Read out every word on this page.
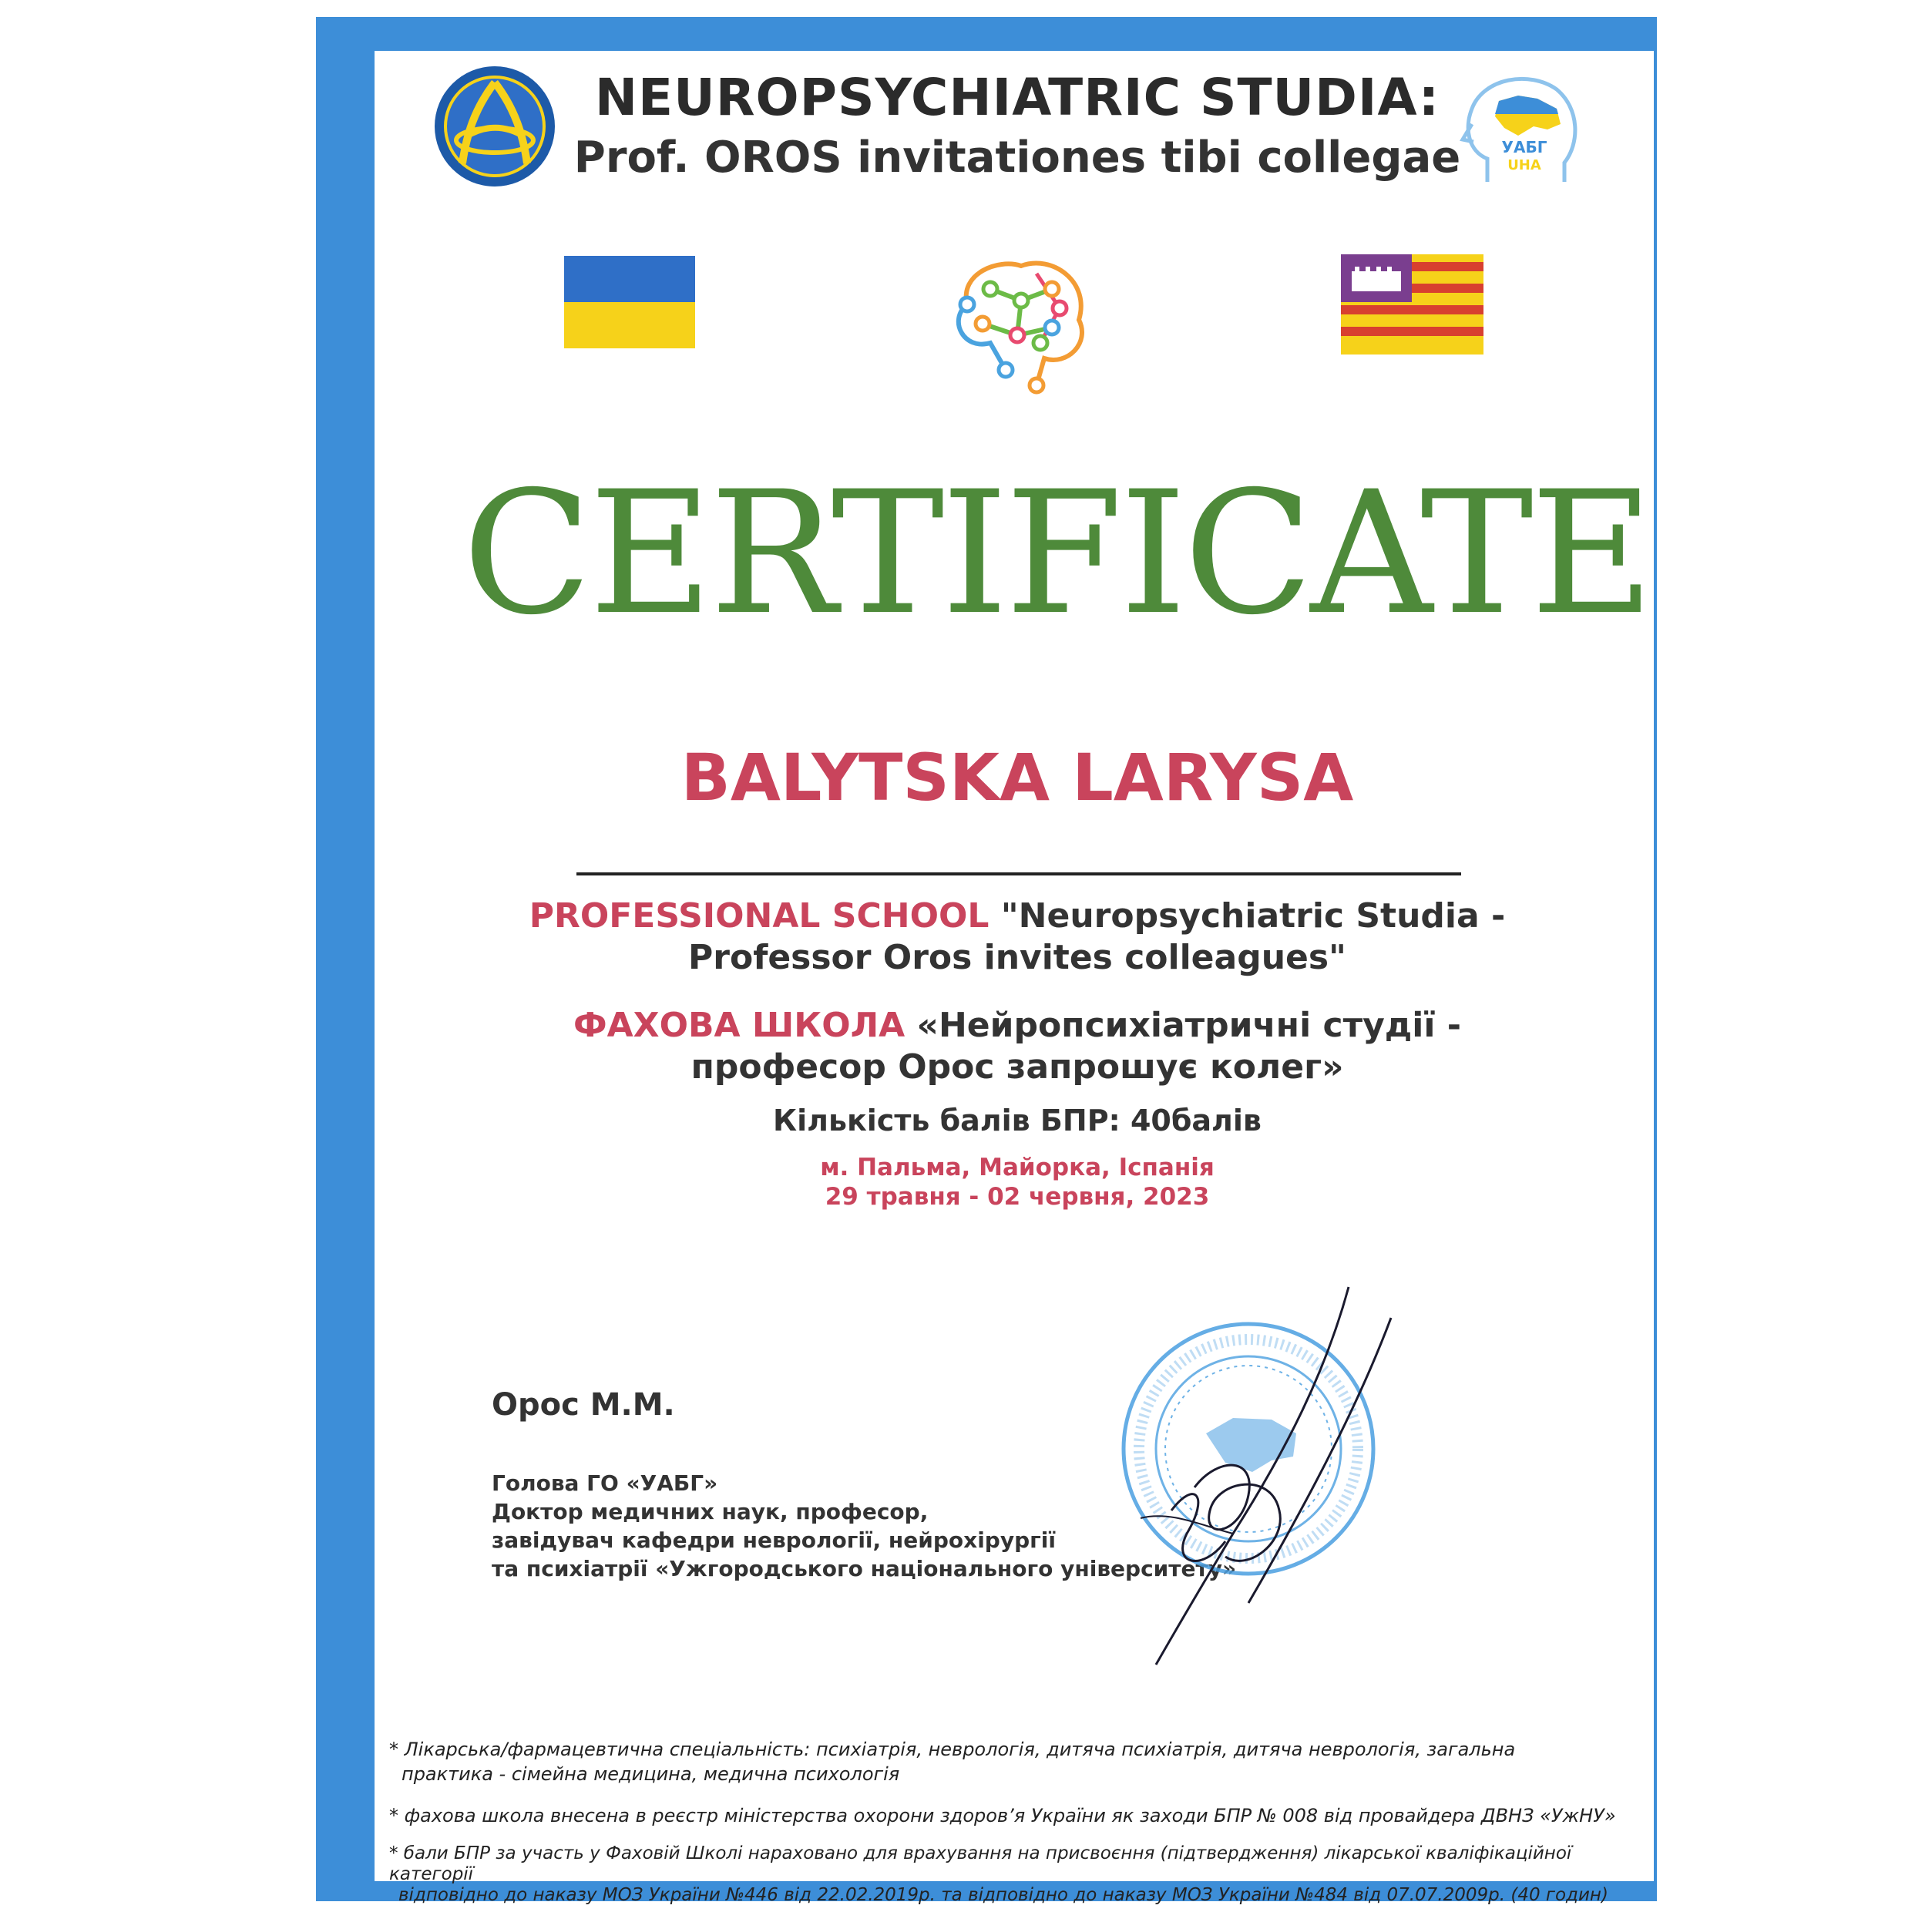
УАБГ
UHA
NEUROPSYCHIATRIC STUDIA:
Prof. OROS invitationes tibi collegae
CERTIFICATE
BALYTSKA LARYSA
PROFESSIONAL SCHOOL "Neuropsychiatric Studia -
Professor Oros invites colleagues"
ФАХОВА ШКОЛА «Нейропсихіатричні студії -
професор Орос запрошує колег»
Кількість балів БПР: 40балів
м. Пальма, Майорка, Іспанія
29 травня - 02 червня, 2023
Орос М.М.
Голова ГО «УАБГ»
Доктор медичних наук, професор,
завідувач кафедри неврології, нейрохірургії
та психіатрії «Ужгородського національного університету»
* Лікарська/фармацевтична спеціальність: психіатрія, неврологія, дитяча психіатрія, дитяча неврологія, загальна
практика - сімейна медицина, медична психологія
* фахова школа внесена в реєстр міністерства охорони здоров’я України як заходи БПР № 008 від провайдера ДВНЗ «УжНУ»
* бали БПР за участь у Фаховій Школі нараховано для врахування на присвоєння (підтвердження) лікарської кваліфікаційної категорії
відповідно до наказу МОЗ України №446 від 22.02.2019р. та відповідно до наказу МОЗ України №484 від 07.07.2009р. (40 годин)
